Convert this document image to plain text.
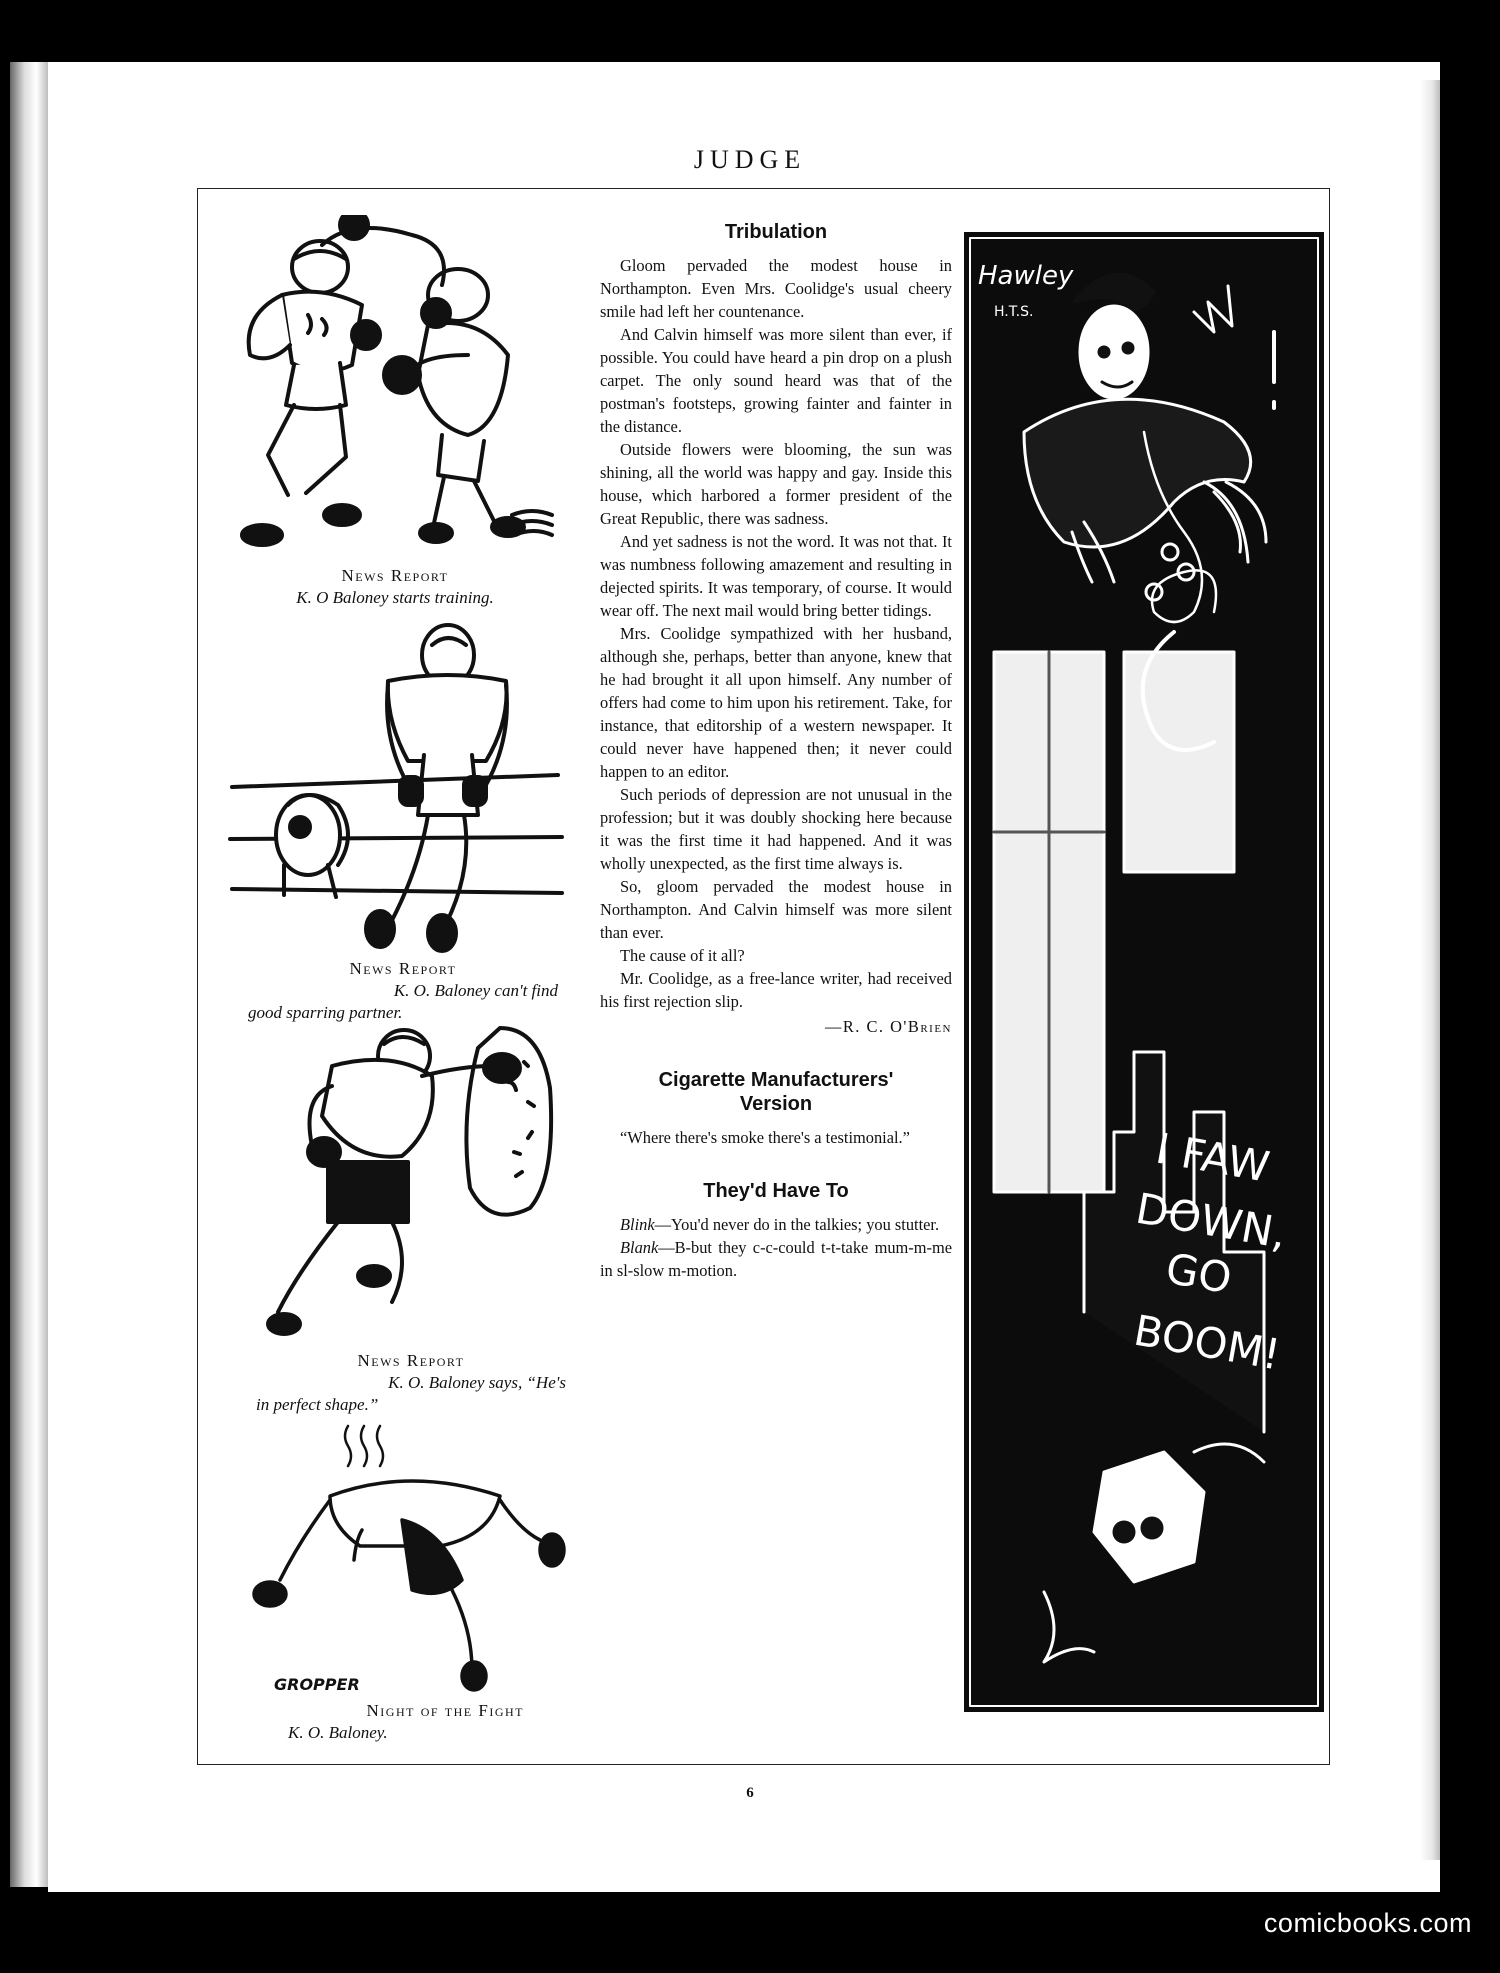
JUDGE
News Report
K. O Baloney starts training.
News Report
K. O. Baloney can't find
good sparring partner.
News Report
K. O. Baloney says, “He's
in perfect shape.”
GROPPER
Night of the Fight
K. O. Baloney.
Tribulation

Gloom pervaded the modest house in Northampton. Even Mrs. Coolidge's usual cheery smile had left her countenance.

And Calvin himself was more silent than ever, if possible. You could have heard a pin drop on a plush carpet. The only sound heard was that of the postman's footsteps, growing fainter and fainter in the distance.

Outside flowers were blooming, the sun was shining, all the world was happy and gay. Inside this house, which harbored a former president of the Great Republic, there was sadness.

And yet sadness is not the word. It was not that. It was numbness following amazement and resulting in dejected spirits. It was temporary, of course. It would wear off. The next mail would bring better tidings.

Mrs. Coolidge sympathized with her husband, although she, perhaps, better than anyone, knew that he had brought it all upon himself. Any number of offers had come to him upon his retirement. Take, for instance, that editorship of a western newspaper. It could never have happened then; it never could happen to an editor.

Such periods of depression are not unusual in the profession; but it was doubly shocking here because it was the first time it had happened. And it was wholly unexpected, as the first time always is.

So, gloom pervaded the modest house in Northampton. And Calvin himself was more silent than ever.

The cause of it all?

Mr. Coolidge, as a free-lance writer, had received his first rejection slip.

—R. C. O'Brien
Cigarette Manufacturers'
Version

“Where there's smoke there's a testimonial.”

They'd Have To

Blink—You'd never do in the talkies; you stutter.

Blank—B-but they c-c-could t-t-take mum-m-me in sl-slow m-motion.

Hawley
H.T.S.
I FAW
DOWN,
GO
BOOM!
6
comicbooks.com
